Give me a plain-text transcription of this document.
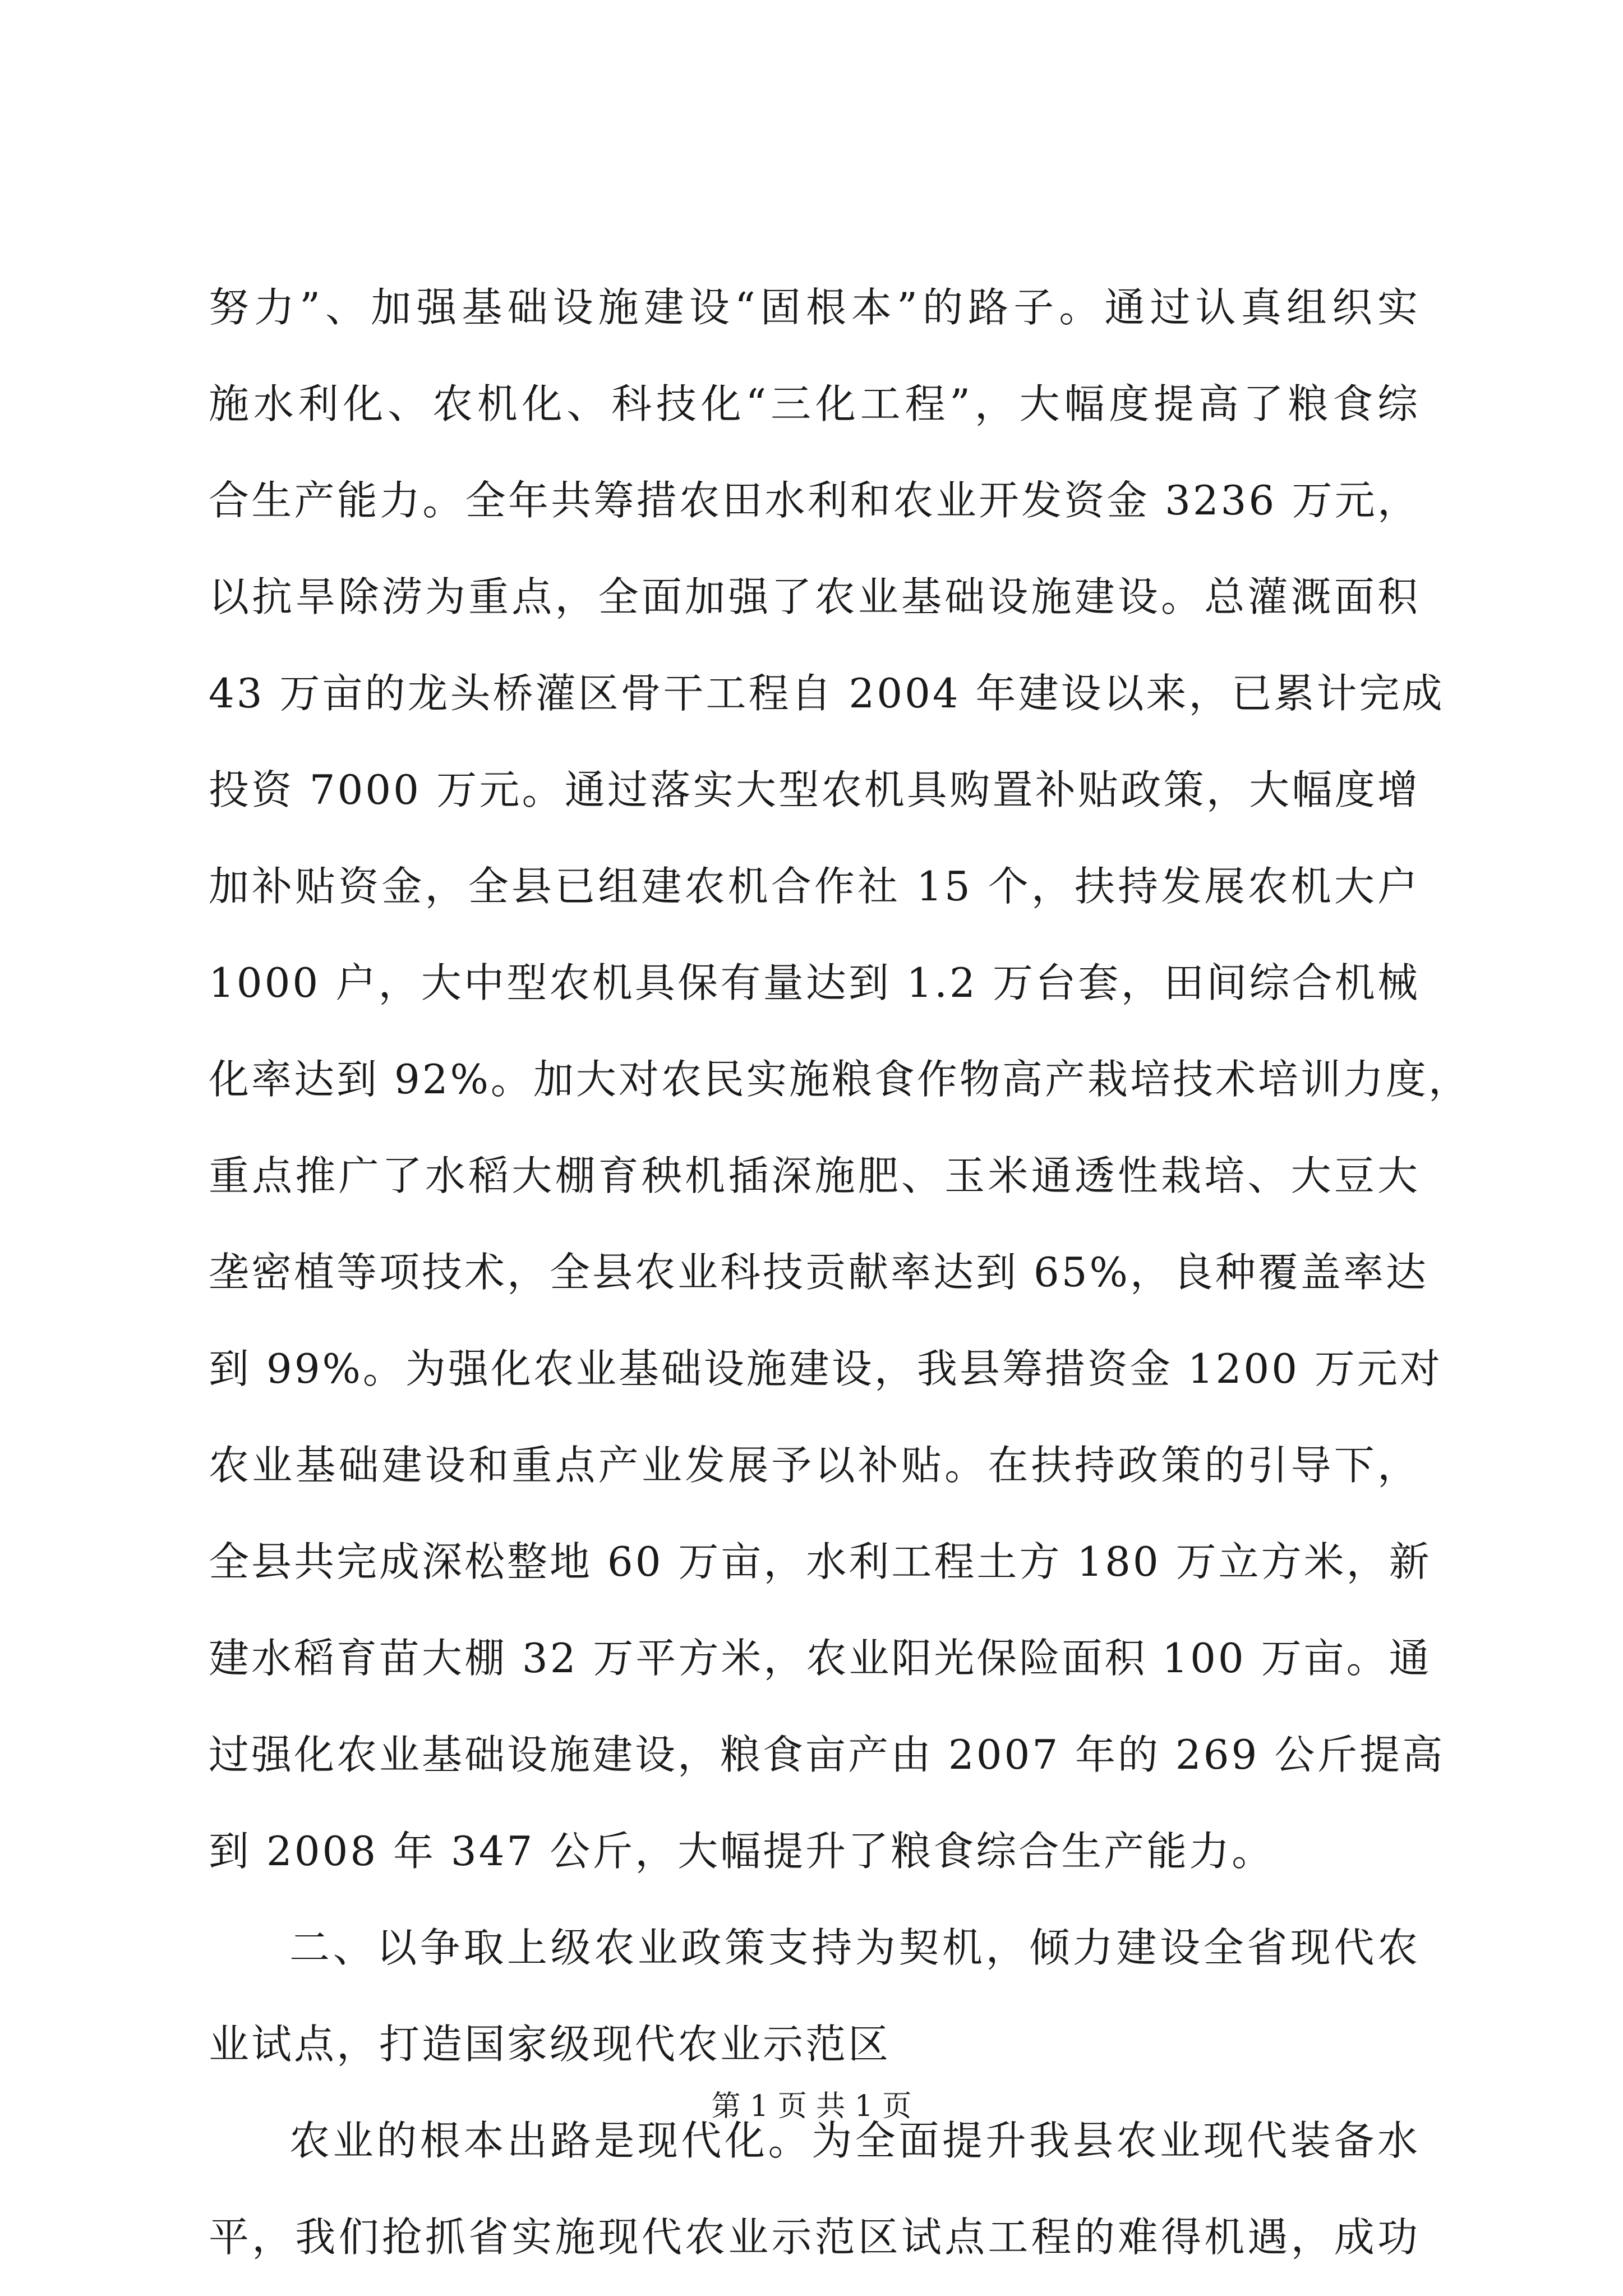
努力”、加强基础设施建设“固根本”的路子。通过认真组织实
施水利化、农机化、科技化“三化工程”，大幅度提高了粮食综
合生产能力。全年共筹措农田水利和农业开发资金 3236 万元，
以抗旱除涝为重点，全面加强了农业基础设施建设。总灌溉面积
43 万亩的龙头桥灌区骨干工程自 2004 年建设以来，已累计完成
投资 7000 万元。通过落实大型农机具购置补贴政策，大幅度增
加补贴资金，全县已组建农机合作社 15 个，扶持发展农机大户
1000 户，大中型农机具保有量达到 1.2 万台套，田间综合机械
化率达到 92%。加大对农民实施粮食作物高产栽培技术培训力度，
重点推广了水稻大棚育秧机插深施肥、玉米通透性栽培、大豆大
垄密植等项技术，全县农业科技贡献率达到 65%，良种覆盖率达
到 99%。为强化农业基础设施建设，我县筹措资金 1200 万元对
农业基础建设和重点产业发展予以补贴。在扶持政策的引导下，
全县共完成深松整地 60 万亩，水利工程土方 180 万立方米，新
建水稻育苗大棚 32 万平方米，农业阳光保险面积 100 万亩。通
过强化农业基础设施建设，粮食亩产由 2007 年的 269 公斤提高
到 2008 年 347 公斤，大幅提升了粮食综合生产能力。
二、以争取上级农业政策支持为契机，倾力建设全省现代农
业试点，打造国家级现代农业示范区
农业的根本出路是现代化。为全面提升我县农业现代装备水
平，我们抢抓省实施现代农业示范区试点工程的难得机遇，成功
第 1 页 共 1 页
